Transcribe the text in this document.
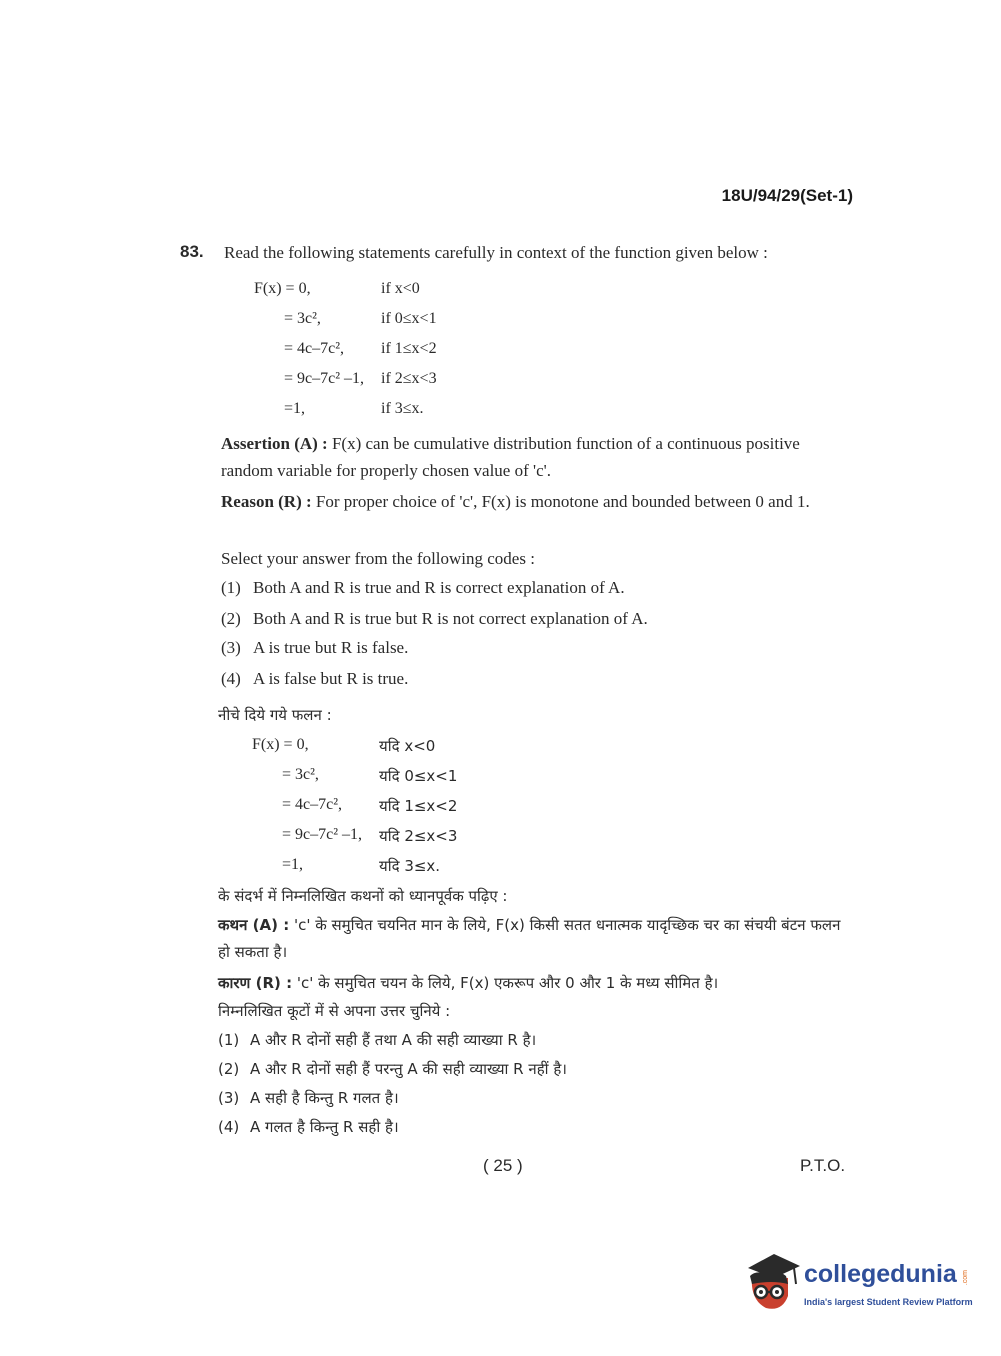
18U/94/29(Set-1)
83. Read the following statements carefully in context of the function given below :
F(x) = 0,	if x<0
= 3c²,	if 0≤x<1
= 4c–7c², if 1≤x<2
= 9c–7c² –1, if 2≤x<3
=1,	if 3≤x.
Assertion (A) : F(x) can be cumulative distribution function of a continuous positive random variable for properly chosen value of 'c'.
Reason (R) : For proper choice of 'c', F(x) is monotone and bounded between 0 and 1.
Select your answer from the following codes :
(1) Both A and R is true and R is correct explanation of A.
(2) Both A and R is true but R is not correct explanation of A.
(3) A is true but R is false.
(4) A is false but R is true.
नीचे दिये गये फलन :
F(x) = 0,	यदि x<0
= 3c²,	यदि 0≤x<1
= 4c–7c², यदि 1≤x<2
= 9c–7c² –1, यदि 2≤x<3
=1,	यदि 3≤x.
के संदर्भ में निम्नलिखित कथनों को ध्यानपूर्वक पढ़िए :
कथन (A) : 'c' के समुचित चयनित मान के लिये, F(x) किसी सतत धनात्मक यादृच्छिक चर का संचयी बंटन फलन हो सकता है।
कारण (R) : 'c' के समुचित चयन के लिये, F(x) एकरूप और 0 और 1 के मध्य सीमित है।
निम्नलिखित कूटों में से अपना उत्तर चुनिये :
(1) A और R दोनों सही हैं तथा A की सही व्याख्या R है।
(2) A और R दोनों सही हैं परन्तु A की सही व्याख्या R नहीं है।
(3) A सही है किन्तु R गलत है।
(4) A गलत है किन्तु R सही है।
( 25 )	P.T.O.
collegedunia .com
India's largest Student Review Platform
